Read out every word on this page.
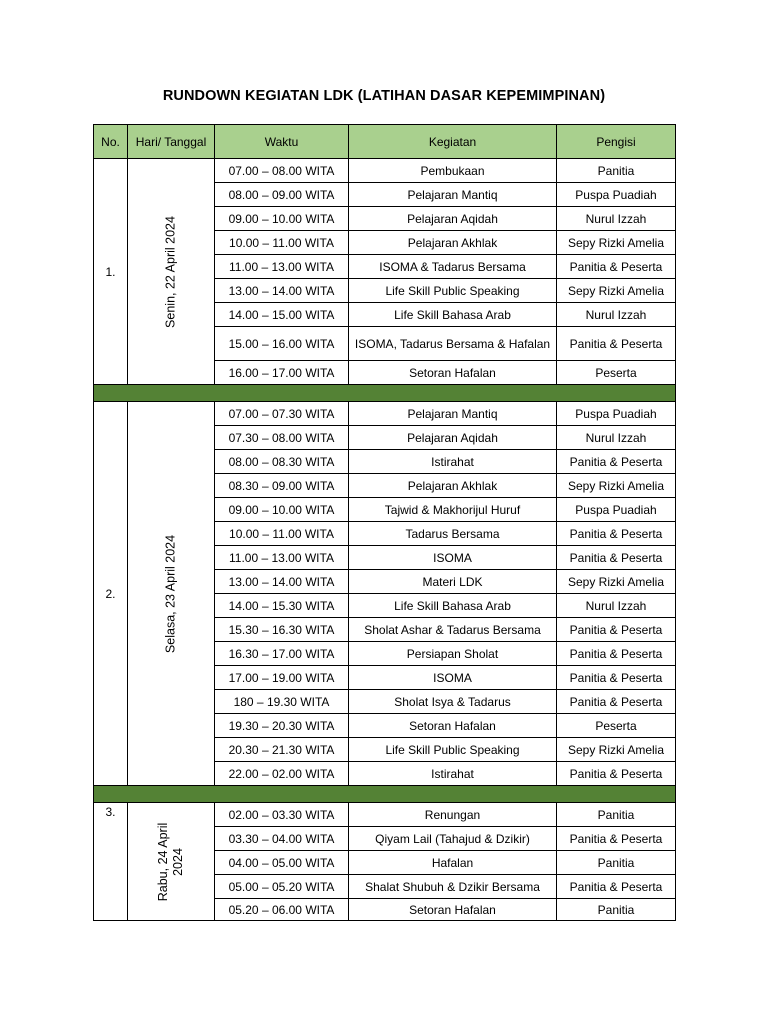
RUNDOWN KEGIATAN LDK (LATIHAN DASAR KEPEMIMPINAN)
No.	Hari/ Tanggal	Waktu	Kegiatan	Pengisi
1.	Senin, 22 April 2024	07.00 – 08.00 WITA	Pembukaan	Panitia
		08.00 – 09.00 WITA	Pelajaran Mantiq	Puspa Puadiah
		09.00 – 10.00 WITA	Pelajaran Aqidah	Nurul Izzah
		10.00 – 11.00 WITA	Pelajaran Akhlak	Sepy Rizki Amelia
		11.00 – 13.00 WITA	ISOMA & Tadarus Bersama	Panitia & Peserta
		13.00 – 14.00 WITA	Life Skill Public Speaking	Sepy Rizki Amelia
		14.00 – 15.00 WITA	Life Skill Bahasa Arab	Nurul Izzah
		15.00 – 16.00 WITA	ISOMA, Tadarus Bersama & Hafalan	Panitia & Peserta
		16.00 – 17.00 WITA	Setoran Hafalan	Peserta

2.	Selasa, 23 April 2024	07.00 – 07.30 WITA	Pelajaran Mantiq	Puspa Puadiah
		07.30 – 08.00 WITA	Pelajaran Aqidah	Nurul Izzah
		08.00 – 08.30 WITA	Istirahat	Panitia & Peserta
		08.30 – 09.00 WITA	Pelajaran Akhlak	Sepy Rizki Amelia
		09.00 – 10.00 WITA	Tajwid & Makhorijul Huruf	Puspa Puadiah
		10.00 – 11.00 WITA	Tadarus Bersama	Panitia & Peserta
		11.00 – 13.00 WITA	ISOMA	Panitia & Peserta
		13.00 – 14.00 WITA	Materi LDK	Sepy Rizki Amelia
		14.00 – 15.30 WITA	Life Skill Bahasa Arab	Nurul Izzah
		15.30 – 16.30 WITA	Sholat Ashar & Tadarus Bersama	Panitia & Peserta
		16.30 – 17.00 WITA	Persiapan Sholat	Panitia & Peserta
		17.00 – 19.00 WITA	ISOMA	Panitia & Peserta
		180 – 19.30 WITA	Sholat Isya & Tadarus	Panitia & Peserta
		19.30 – 20.30 WITA	Setoran Hafalan	Peserta
		20.30 – 21.30 WITA	Life Skill Public Speaking	Sepy Rizki Amelia
		22.00 – 02.00 WITA	Istirahat	Panitia & Peserta

3.	Rabu, 24 April 2024	02.00 – 03.30 WITA	Renungan	Panitia
		03.30 – 04.00 WITA	Qiyam Lail (Tahajud & Dzikir)	Panitia & Peserta
		04.00 – 05.00 WITA	Hafalan	Panitia
		05.00 – 05.20 WITA	Shalat Shubuh & Dzikir Bersama	Panitia & Peserta
		05.20 – 06.00 WITA	Setoran Hafalan	Panitia
